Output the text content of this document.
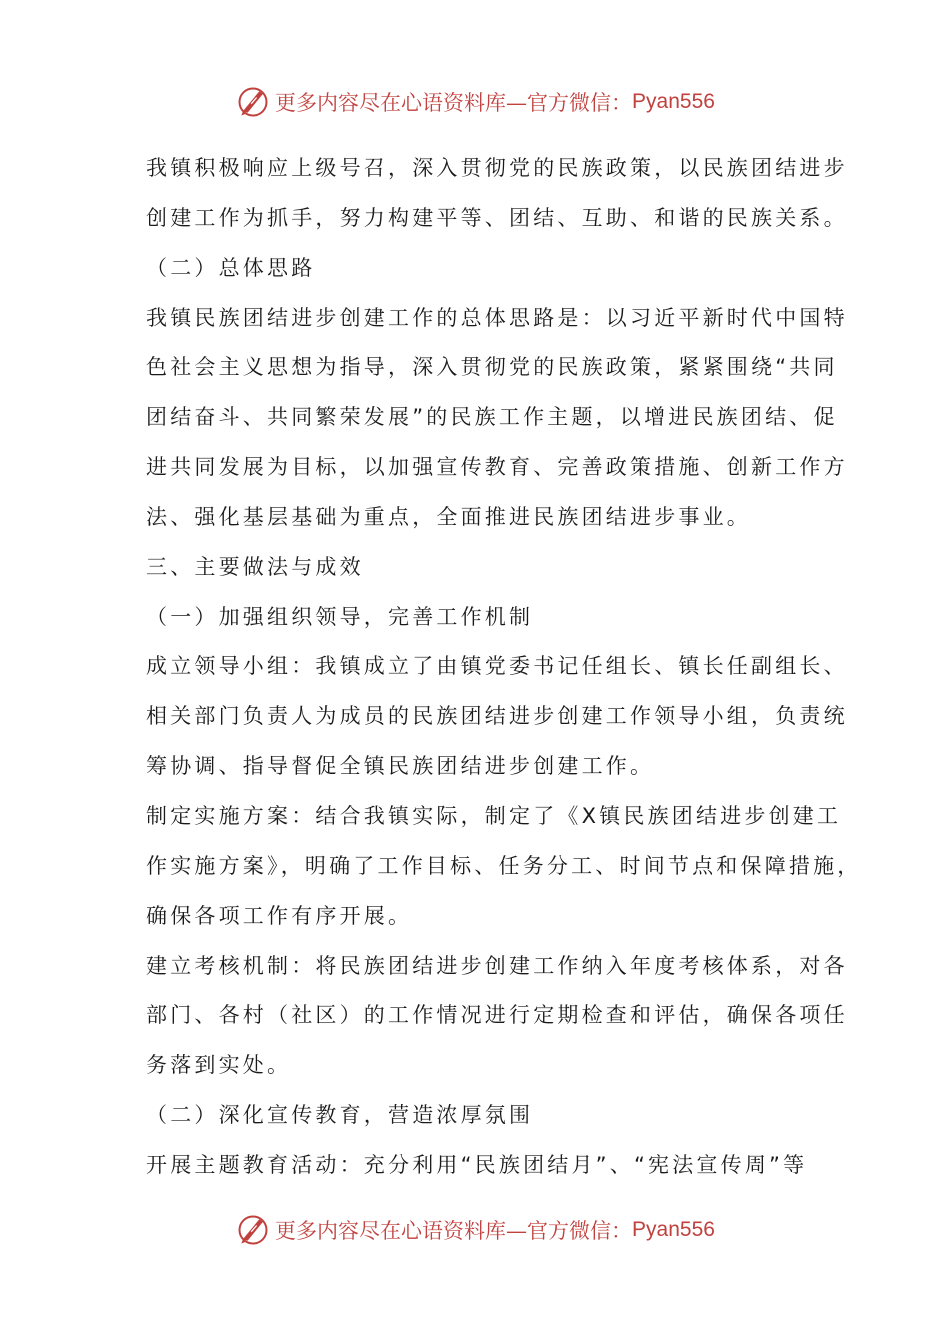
更多内容尽在心语资料库—官方微信： Pyan556
我镇积极响应上级号召，深入贯彻党的民族政策，以民族团结进步
创建工作为抓手，努力构建平等、团结、互助、和谐的民族关系。
（二）总体思路
我镇民族团结进步创建工作的总体思路是：以习近平新时代中国特
色社会主义思想为指导，深入贯彻党的民族政策，紧紧围绕“共同
团结奋斗、共同繁荣发展”的民族工作主题，以增进民族团结、促
进共同发展为目标，以加强宣传教育、完善政策措施、创新工作方
法、强化基层基础为重点，全面推进民族团结进步事业。
三、主要做法与成效
（一）加强组织领导，完善工作机制
成立领导小组：我镇成立了由镇党委书记任组长、镇长任副组长、
相关部门负责人为成员的民族团结进步创建工作领导小组，负责统
筹协调、指导督促全镇民族团结进步创建工作。
制定实施方案：结合我镇实际，制定了《X镇民族团结进步创建工
作实施方案》，明确了工作目标、任务分工、时间节点和保障措施，
确保各项工作有序开展。
建立考核机制：将民族团结进步创建工作纳入年度考核体系，对各
部门、各村（社区）的工作情况进行定期检查和评估，确保各项任
务落到实处。
（二）深化宣传教育，营造浓厚氛围
开展主题教育活动：充分利用“民族团结月”、“宪法宣传周”等
更多内容尽在心语资料库—官方微信： Pyan556
